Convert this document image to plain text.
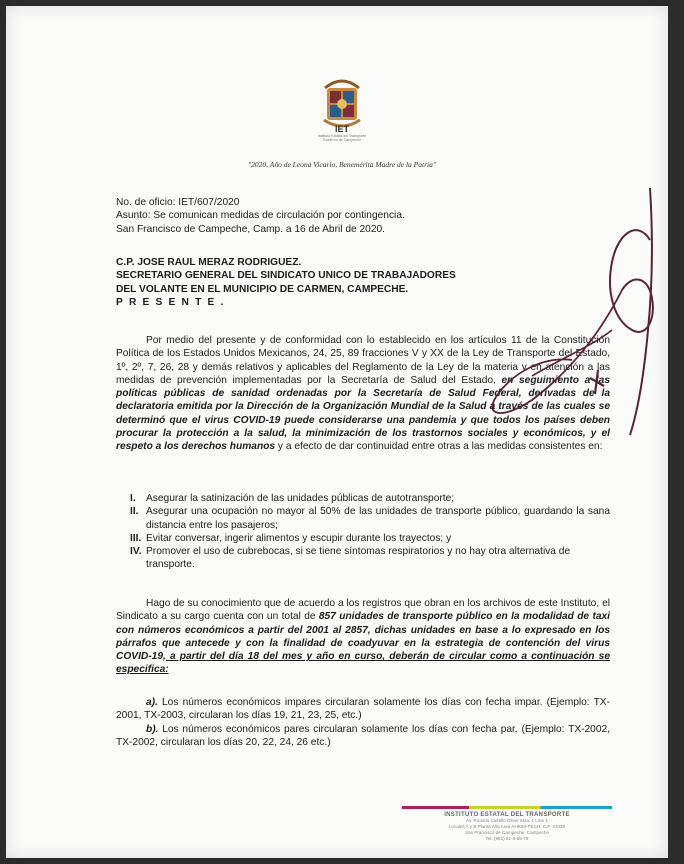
IET
Instituto Estatal del Transporte
Gobierno de Campeche
"2020, Año de Leona Vicario, Benemérita Madre de la Patria"
No. de oficio: IET/607/2020
Asunto: Se comunican medidas de circulación por contingencia.
San Francisco de Campeche, Camp. a 16 de Abril de 2020.
C.P. JOSE RAUL MERAZ RODRIGUEZ.
SECRETARIO GENERAL DEL SINDICATO UNICO DE TRABAJADORES
DEL VOLANTE EN EL MUNICIPIO DE CARMEN, CAMPECHE.
PRESENTE.
Por medio del presente y de conformidad con lo establecido en los artículos 11 de la Constitución Política de los Estados Unidos Mexicanos, 24, 25, 89 fracciones V y XX de la Ley de Transporte del Estado, 1º, 2º, 7, 26, 28 y demás relativos y aplicables del Reglamento de la Ley de la materia y en atención a las medidas de prevención implementadas por la Secretaría de Salud del Estado, en seguimiento a las políticas públicas de sanidad ordenadas por la Secretaría de Salud Federal, derivadas de la declaratoria emitida por la Dirección de la Organización Mundial de la Salud a través de las cuales se determinó que el virus COVID-19 puede considerarse una pandemia y que todos los países deben procurar la protección a la salud, la minimización de los trastornos sociales y económicos, y el respeto a los derechos humanos y a efecto de dar continuidad entre otras a las medidas consistentes en:
I. Asegurar la satinización de las unidades públicas de autotransporte;
II. Asegurar una ocupación no mayor al 50% de las unidades de transporte público, guardando la sana distancia entre los pasajeros;
III. Evitar conversar, ingerir alimentos y escupir durante los trayectos; y
IV. Promover el uso de cubrebocas, si se tiene síntomas respiratorios y no hay otra alternativa de transporte.
Hago de su conocimiento que de acuerdo a los registros que obran en los archivos de este Instituto, el Sindicato a su cargo cuenta con un total de 857 unidades de transporte público en la modalidad de taxi con números económicos a partir del 2001 al 2857, dichas unidades en base a lo expresado en los párrafos que antecede y con la finalidad de coadyuvar en la estrategia de contención del virus COVID-19, a partir del día 18 del mes y año en curso, deberán de circular como a continuación se especifica:
a). Los números económicos impares circularan solamente los días con fecha impar. (Ejemplo: TX-2001, TX-2003, circularan los días 19, 21, 23, 25, etc.)
b). Los números económicos pares circularan solamente los días con fecha par. (Ejemplo: TX-2002, TX-2002, circularan los días 20, 22, 24, 26 etc.)
INSTITUTO ESTATAL DEL TRANSPORTE
Av. Ricardo Castillo Oliver Mza. 1 Lote 1
Locales A y B Planta Alta Area AHKIM-PECH. C.P. 24030
San Francisco de Campeche, Campeche
Tel. (981) 81-6-59-79
